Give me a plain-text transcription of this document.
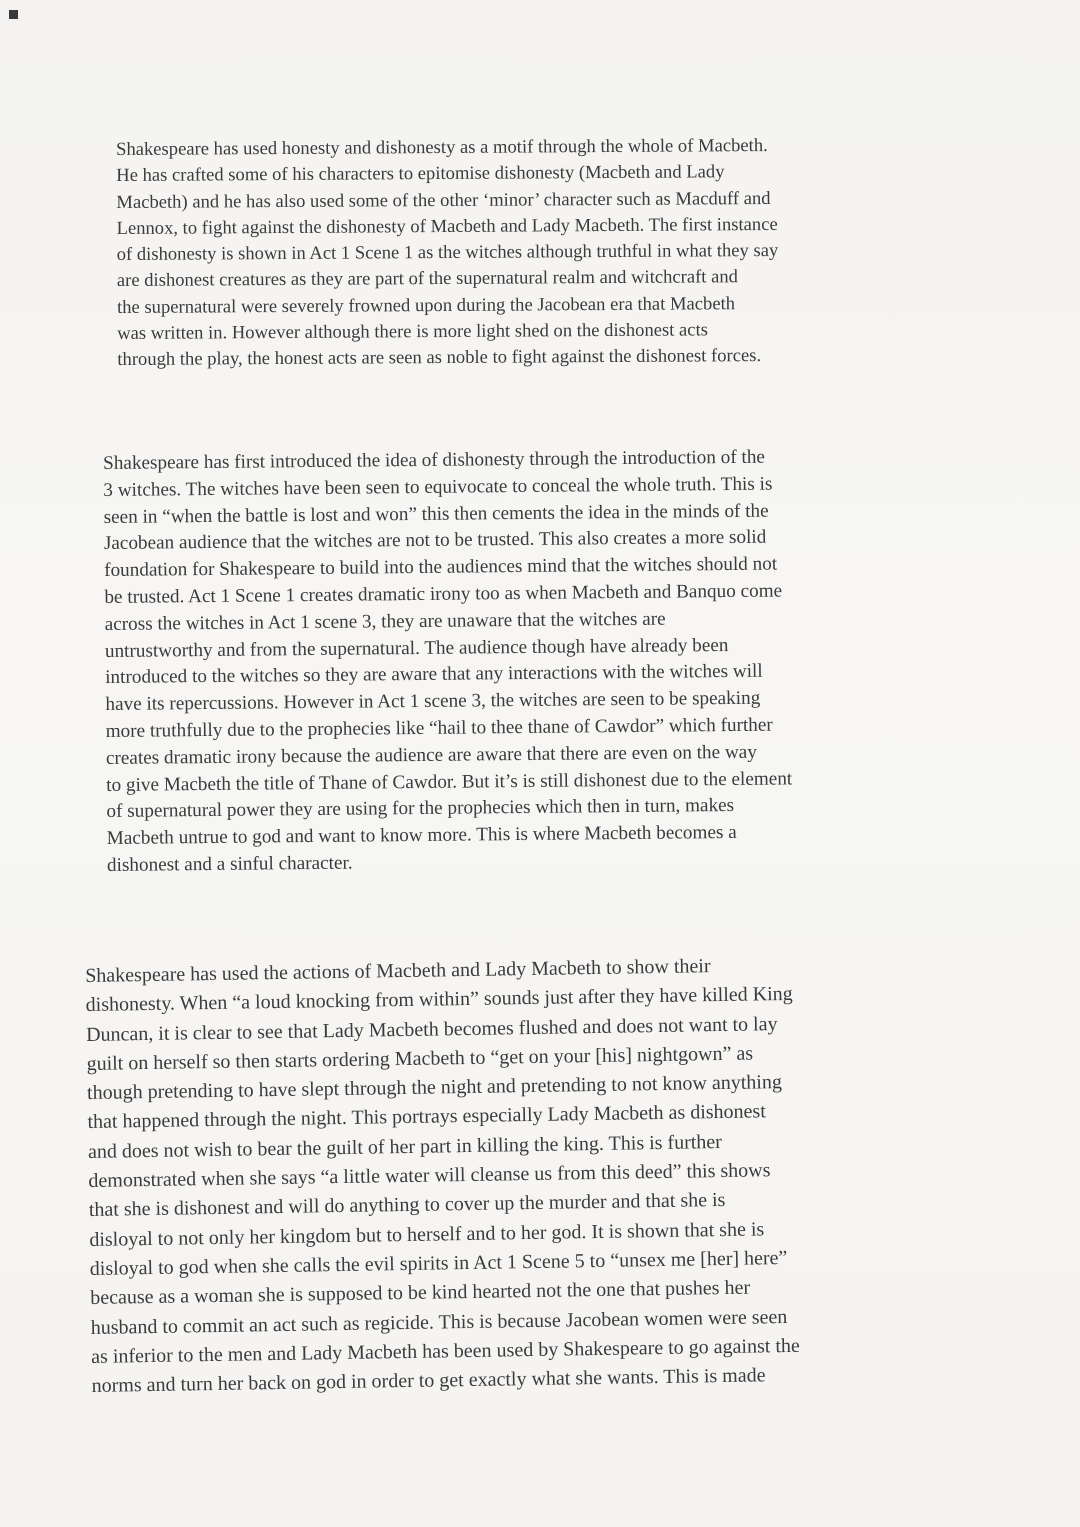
Shakespeare has used honesty and dishonesty as a motif through the whole of Macbeth.
He has crafted some of his characters to epitomise dishonesty (Macbeth and Lady
Macbeth) and he has also used some of the other ‘minor’ character such as Macduff and
Lennox, to fight against the dishonesty of Macbeth and Lady Macbeth. The first instance
of dishonesty is shown in Act 1 Scene 1 as the witches although truthful in what they say
are dishonest creatures as they are part of the supernatural realm and witchcraft and
the supernatural were severely frowned upon during the Jacobean era that Macbeth
was written in. However although there is more light shed on the dishonest acts
through the play, the honest acts are seen as noble to fight against the dishonest forces.

Shakespeare has first introduced the idea of dishonesty through the introduction of the
3 witches. The witches have been seen to equivocate to conceal the whole truth. This is
seen in “when the battle is lost and won” this then cements the idea in the minds of the
Jacobean audience that the witches are not to be trusted. This also creates a more solid
foundation for Shakespeare to build into the audiences mind that the witches should not
be trusted. Act 1 Scene 1 creates dramatic irony too as when Macbeth and Banquo come
across the witches in Act 1 scene 3, they are unaware that the witches are
untrustworthy and from the supernatural. The audience though have already been
introduced to the witches so they are aware that any interactions with the witches will
have its repercussions. However in Act 1 scene 3, the witches are seen to be speaking
more truthfully due to the prophecies like “hail to thee thane of Cawdor” which further
creates dramatic irony because the audience are aware that there are even on the way
to give Macbeth the title of Thane of Cawdor. But it’s is still dishonest due to the element
of supernatural power they are using for the prophecies which then in turn, makes
Macbeth untrue to god and want to know more. This is where Macbeth becomes a
dishonest and a sinful character.

Shakespeare has used the actions of Macbeth and Lady Macbeth to show their
dishonesty. When “a loud knocking from within” sounds just after they have killed King
Duncan, it is clear to see that Lady Macbeth becomes flushed and does not want to lay
guilt on herself so then starts ordering Macbeth to “get on your [his] nightgown” as
though pretending to have slept through the night and pretending to not know anything
that happened through the night. This portrays especially Lady Macbeth as dishonest
and does not wish to bear the guilt of her part in killing the king. This is further
demonstrated when she says “a little water will cleanse us from this deed” this shows
that she is dishonest and will do anything to cover up the murder and that she is
disloyal to not only her kingdom but to herself and to her god. It is shown that she is
disloyal to god when she calls the evil spirits in Act 1 Scene 5 to “unsex me [her] here”
because as a woman she is supposed to be kind hearted not the one that pushes her
husband to commit an act such as regicide. This is because Jacobean women were seen
as inferior to the men and Lady Macbeth has been used by Shakespeare to go against the
norms and turn her back on god in order to get exactly what she wants. This is made
